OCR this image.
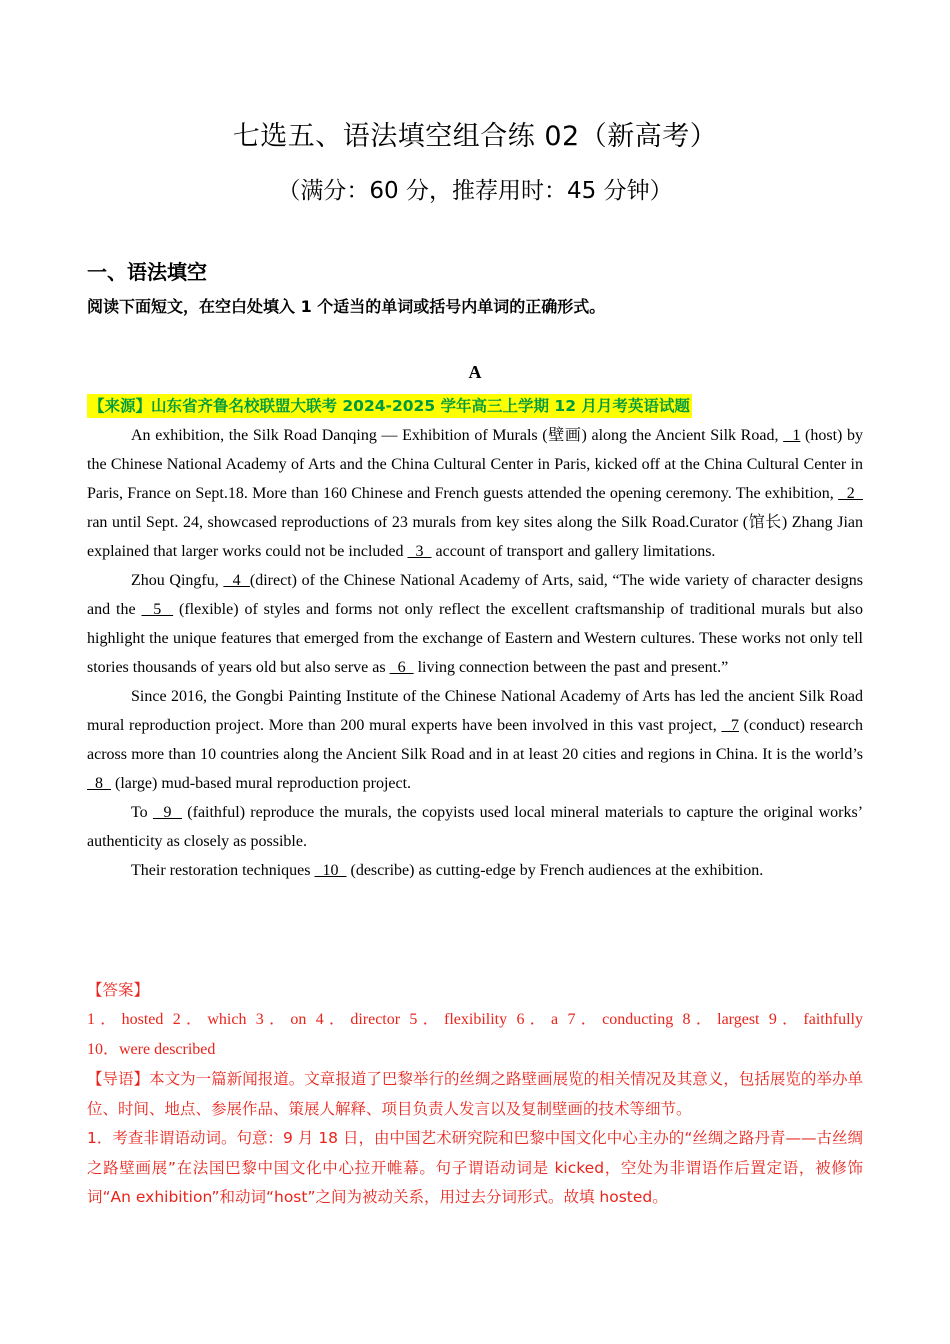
七选五、语法填空组合练 02（新高考）
（满分：60 分，推荐用时：45 分钟）
一、语法填空
阅读下面短文，在空白处填入 1 个适当的单词或括号内单词的正确形式。
A
【来源】山东省齐鲁名校联盟大联考 2024-2025 学年高三上学期 12 月月考英语试题

An exhibition, the Silk Road Danqing — Exhibition of Murals (壁画) along the Ancient Silk Road,   1 (host) by the Chinese National Academy of Arts and the China Cultural Center in Paris, kicked off at the China Cultural Center in Paris, France on Sept.18. More than 160 Chinese and French guests attended the opening ceremony. The exhibition,   2   ran until Sept. 24, showcased reproductions of 23 murals from key sites along the Silk Road.Curator (馆长) Zhang Jian explained that larger works could not be included   3   account of transport and gallery limitations.

Zhou Qingfu,   4  (direct) of the Chinese National Academy of Arts, said, “The wide variety of character designs and the   5   (flexible) of styles and forms not only reflect the excellent craftsmanship of traditional murals but also highlight the unique features that emerged from the exchange of Eastern and Western cultures. These works not only tell stories thousands of years old but also serve as   6   living connection between the past and present.”

Since 2016, the Gongbi Painting Institute of the Chinese National Academy of Arts has led the ancient Silk Road mural reproduction project. More than 200 mural experts have been involved in this vast project,   7 (conduct) research across more than 10 countries along the Ancient Silk Road and in at least 20 cities and regions in China. It is the world’s   8   (large) mud-based mural reproduction project.

To   9   (faithful) reproduce the murals, the copyists used local mineral materials to capture the original works’ authenticity as closely as possible.

Their restoration techniques   10   (describe) as cutting-edge by French audiences at the exhibition.

【答案】
1．hosted 2．which 3．on 4．director 5．flexibility 6．a 7．conducting 8．largest 9．faithfully
10．were described
【导语】本文为一篇新闻报道。文章报道了巴黎举行的丝绸之路壁画展览的相关情况及其意义，包括展览的举办单位、时间、地点、参展作品、策展人解释、项目负责人发言以及复制壁画的技术等细节。
1．考查非谓语动词。句意：9 月 18 日，由中国艺术研究院和巴黎中国文化中心主办的“丝绸之路丹青——古丝绸之路壁画展”在法国巴黎中国文化中心拉开帷幕。句子谓语动词是 kicked，空处为非谓语作后置定语，被修饰词“An exhibition”和动词“host”之间为被动关系，用过去分词形式。故填 hosted。
